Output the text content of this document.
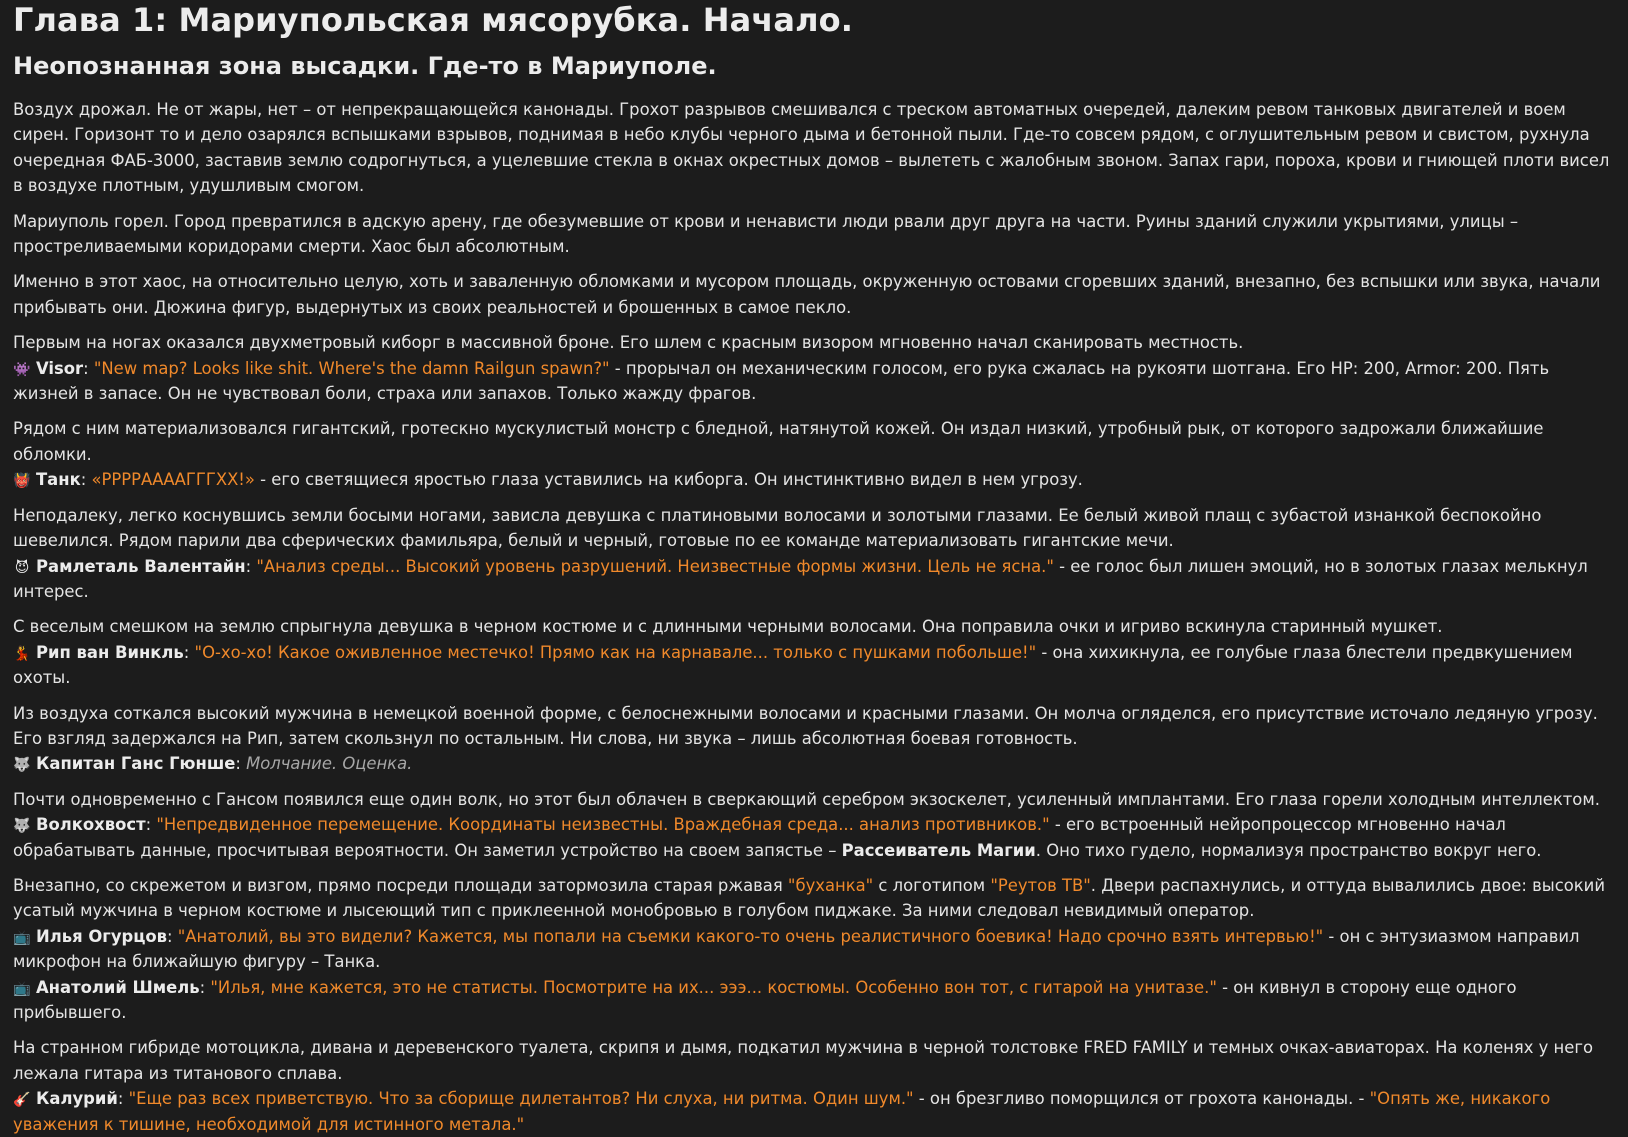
Глава 1: Мариупольская мясорубка. Начало.
Неопознанная зона высадки. Где-то в Мариуполе.

Воздух дрожал. Не от жары, нет – от непрекращающейся канонады. Грохот разрывов смешивался с треском автоматных очередей, далеким ревом танковых двигателей и воем сирен. Горизонт то и дело озарялся вспышками взрывов, поднимая в небо клубы черного дыма и бетонной пыли. Где-то совсем рядом, с оглушительным ревом и свистом, рухнула очередная ФАБ-3000, заставив землю содрогнуться, а уцелевшие стекла в окнах окрестных домов – вылететь с жалобным звоном. Запах гари, пороха, крови и гниющей плоти висел в воздухе плотным, удушливым смогом.

Мариуполь горел. Город превратился в адскую арену, где обезумевшие от крови и ненависти люди рвали друг друга на части. Руины зданий служили укрытиями, улицы – простреливаемыми коридорами смерти. Хаос был абсолютным.

Именно в этот хаос, на относительно целую, хоть и заваленную обломками и мусором площадь, окруженную остовами сгоревших зданий, внезапно, без вспышки или звука, начали прибывать они. Дюжина фигур, выдернутых из своих реальностей и брошенных в самое пекло.

Первым на ногах оказался двухметровый киборг в массивной броне. Его шлем с красным визором мгновенно начал сканировать местность.
👾 Visor: "New map? Looks like shit. Where's the damn Railgun spawn?" - прорычал он механическим голосом, его рука сжалась на рукояти шотгана. Его HP: 200, Armor: 200. Пять жизней в запасе. Он не чувствовал боли, страха или запахов. Только жажду фрагов.

Рядом с ним материализовался гигантский, гротескно мускулистый монстр с бледной, натянутой кожей. Он издал низкий, утробный рык, от которого задрожали ближайшие обломки.
👹 Танк: «РРРРААААГГГХХ!» - его светящиеся яростью глаза уставились на киборга. Он инстинктивно видел в нем угрозу.

Неподалеку, легко коснувшись земли босыми ногами, зависла девушка с платиновыми волосами и золотыми глазами. Ее белый живой плащ с зубастой изнанкой беспокойно шевелился. Рядом парили два сферических фамильяра, белый и черный, готовые по ее команде материализовать гигантские мечи.
😈 Рамлеталь Валентайн: "Анализ среды... Высокий уровень разрушений. Неизвестные формы жизни. Цель не ясна." - ее голос был лишен эмоций, но в золотых глазах мелькнул интерес.

С веселым смешком на землю спрыгнула девушка в черном костюме и с длинными черными волосами. Она поправила очки и игриво вскинула старинный мушкет.
💃 Рип ван Винкль: "О-хо-хо! Какое оживленное местечко! Прямо как на карнавале... только с пушками побольше!" - она хихикнула, ее голубые глаза блестели предвкушением охоты.

Из воздуха соткался высокий мужчина в немецкой военной форме, с белоснежными волосами и красными глазами. Он молча огляделся, его присутствие источало ледяную угрозу. Его взгляд задержался на Рип, затем скользнул по остальным. Ни слова, ни звука – лишь абсолютная боевая готовность.
🐺 Капитан Ганс Гюнше: Молчание. Оценка.

Почти одновременно с Гансом появился еще один волк, но этот был облачен в сверкающий серебром экзоскелет, усиленный имплантами. Его глаза горели холодным интеллектом.
🐺 Волкохвост: "Непредвиденное перемещение. Координаты неизвестны. Враждебная среда... анализ противников." - его встроенный нейропроцессор мгновенно начал обрабатывать данные, просчитывая вероятности. Он заметил устройство на своем запястье – Рассеиватель Магии. Оно тихо гудело, нормализуя пространство вокруг него.

Внезапно, со скрежетом и визгом, прямо посреди площади затормозила старая ржавая "буханка" с логотипом "Реутов ТВ". Двери распахнулись, и оттуда вывалились двое: высокий усатый мужчина в черном костюме и лысеющий тип с приклеенной монобровью в голубом пиджаке. За ними следовал невидимый оператор.
📺 Илья Огурцов: "Анатолий, вы это видели? Кажется, мы попали на съемки какого-то очень реалистичного боевика! Надо срочно взять интервью!" - он с энтузиазмом направил микрофон на ближайшую фигуру – Танка.
📺 Анатолий Шмель: "Илья, мне кажется, это не статисты. Посмотрите на их... эээ... костюмы. Особенно вон тот, с гитарой на унитазе." - он кивнул в сторону еще одного прибывшего.

На странном гибриде мотоцикла, дивана и деревенского туалета, скрипя и дымя, подкатил мужчина в черной толстовке FRED FAMILY и темных очках-авиаторах. На коленях у него лежала гитара из титанового сплава.
🎸 Калурий: "Еще раз всех приветствую. Что за сборище дилетантов? Ни слуха, ни ритма. Один шум." - он брезгливо поморщился от грохота канонады. - "Опять же, никакого уважения к тишине, необходимой для истинного метала."
